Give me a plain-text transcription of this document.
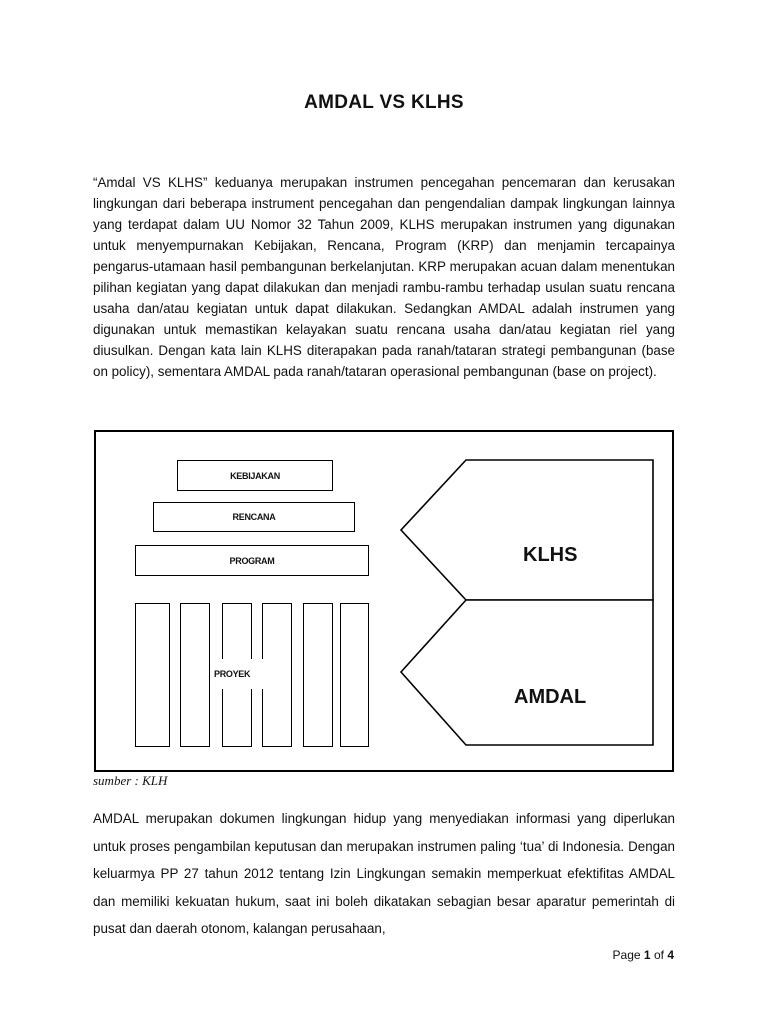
AMDAL VS KLHS
“Amdal VS KLHS” keduanya merupakan instrumen pencegahan pencemaran dan kerusakan lingkungan dari beberapa instrument pencegahan dan pengendalian dampak lingkungan lainnya yang terdapat dalam UU Nomor 32 Tahun 2009, KLHS merupakan instrumen yang digunakan untuk menyempurnakan Kebijakan, Rencana, Program (KRP) dan menjamin tercapainya pengarus-utamaan hasil pembangunan berkelanjutan. KRP merupakan acuan dalam menentukan pilihan kegiatan yang dapat dilakukan dan menjadi rambu-rambu terhadap usulan suatu rencana usaha dan/atau kegiatan untuk dapat dilakukan. Sedangkan AMDAL adalah instrumen yang digunakan untuk memastikan kelayakan suatu rencana usaha dan/atau kegiatan riel yang diusulkan. Dengan kata lain KLHS diterapakan pada ranah/tataran strategi pembangunan (base on policy), sementara AMDAL pada ranah/tataran operasional pembangunan (base on project).
KEBIJAKAN
RENCANA
PROGRAM
PROYEK
KLHS
AMDAL
sumber : KLH
AMDAL merupakan dokumen lingkungan hidup yang menyediakan informasi yang diperlukan untuk proses pengambilan keputusan dan merupakan instrumen paling ‘tua’ di Indonesia. Dengan keluarmya PP 27 tahun 2012 tentang Izin Lingkungan semakin memperkuat efektifitas AMDAL dan memiliki kekuatan hukum, saat ini boleh dikatakan sebagian besar aparatur pemerintah di pusat dan daerah otonom, kalangan perusahaan,
Page 1 of 4
